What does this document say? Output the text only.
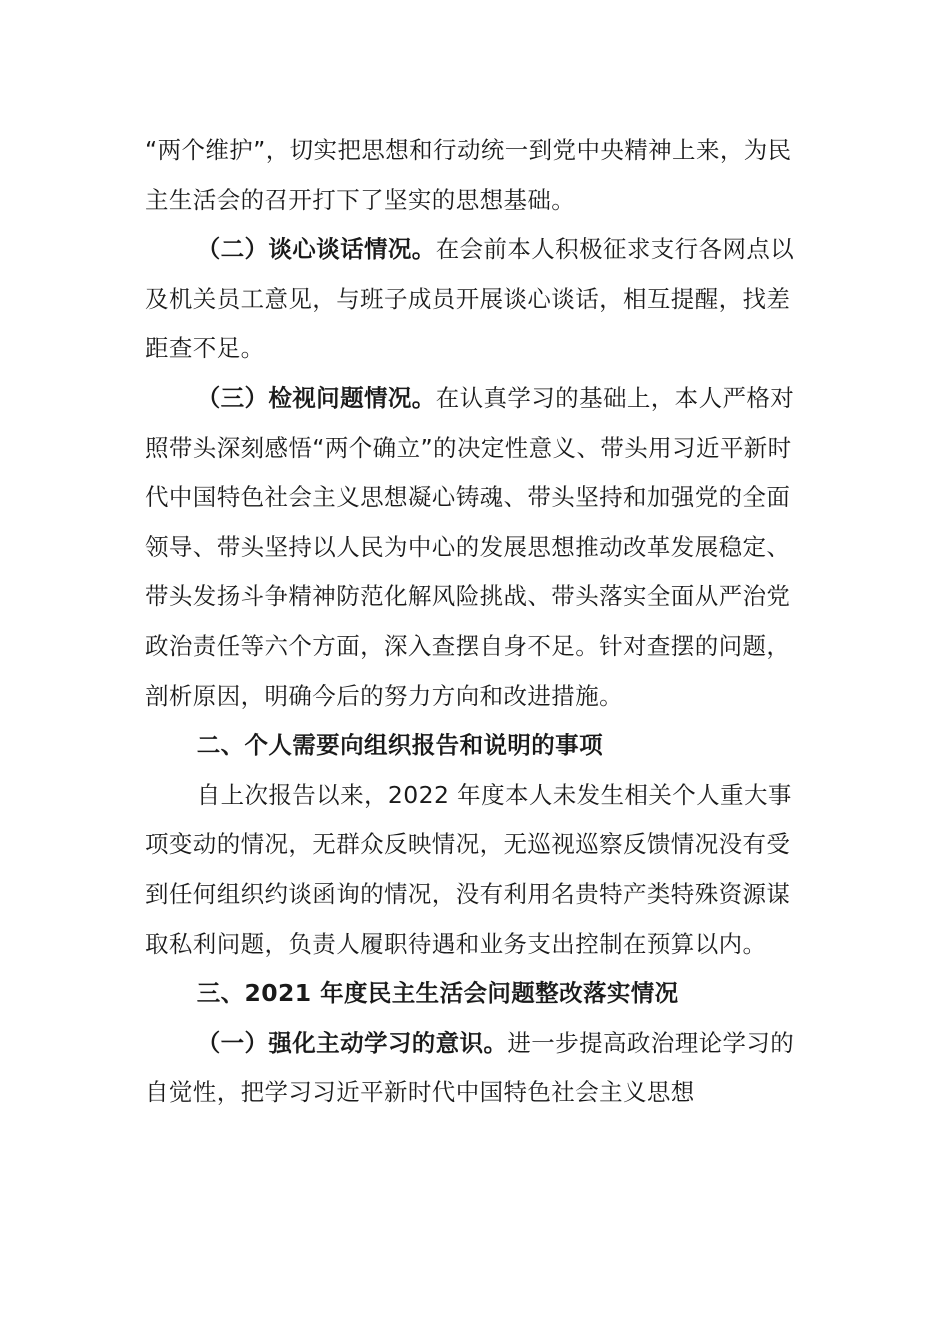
“两个维护”，切实把思想和行动统一到党中央精神上来，为民主生活会的召开打下了坚实的思想基础。

（二）谈心谈话情况。在会前本人积极征求支行各网点以及机关员工意见，与班子成员开展谈心谈话，相互提醒，找差距查不足。

（三）检视问题情况。在认真学习的基础上，本人严格对照带头深刻感悟“两个确立”的决定性意义、带头用习近平新时代中国特色社会主义思想凝心铸魂、带头坚持和加强党的全面领导、带头坚持以人民为中心的发展思想推动改革发展稳定、带头发扬斗争精神防范化解风险挑战、带头落实全面从严治党政治责任等六个方面，深入查摆自身不足。针对查摆的问题，剖析原因，明确今后的努力方向和改进措施。

二、个人需要向组织报告和说明的事项

自上次报告以来，2022 年度本人未发生相关个人重大事项变动的情况，无群众反映情况，无巡视巡察反馈情况没有受到任何组织约谈函询的情况，没有利用名贵特产类特殊资源谋取私利问题，负责人履职待遇和业务支出控制在预算以内。

三、2021 年度民主生活会问题整改落实情况

（一）强化主动学习的意识。进一步提高政治理论学习的自觉性，把学习习近平新时代中国特色社会主义思想
